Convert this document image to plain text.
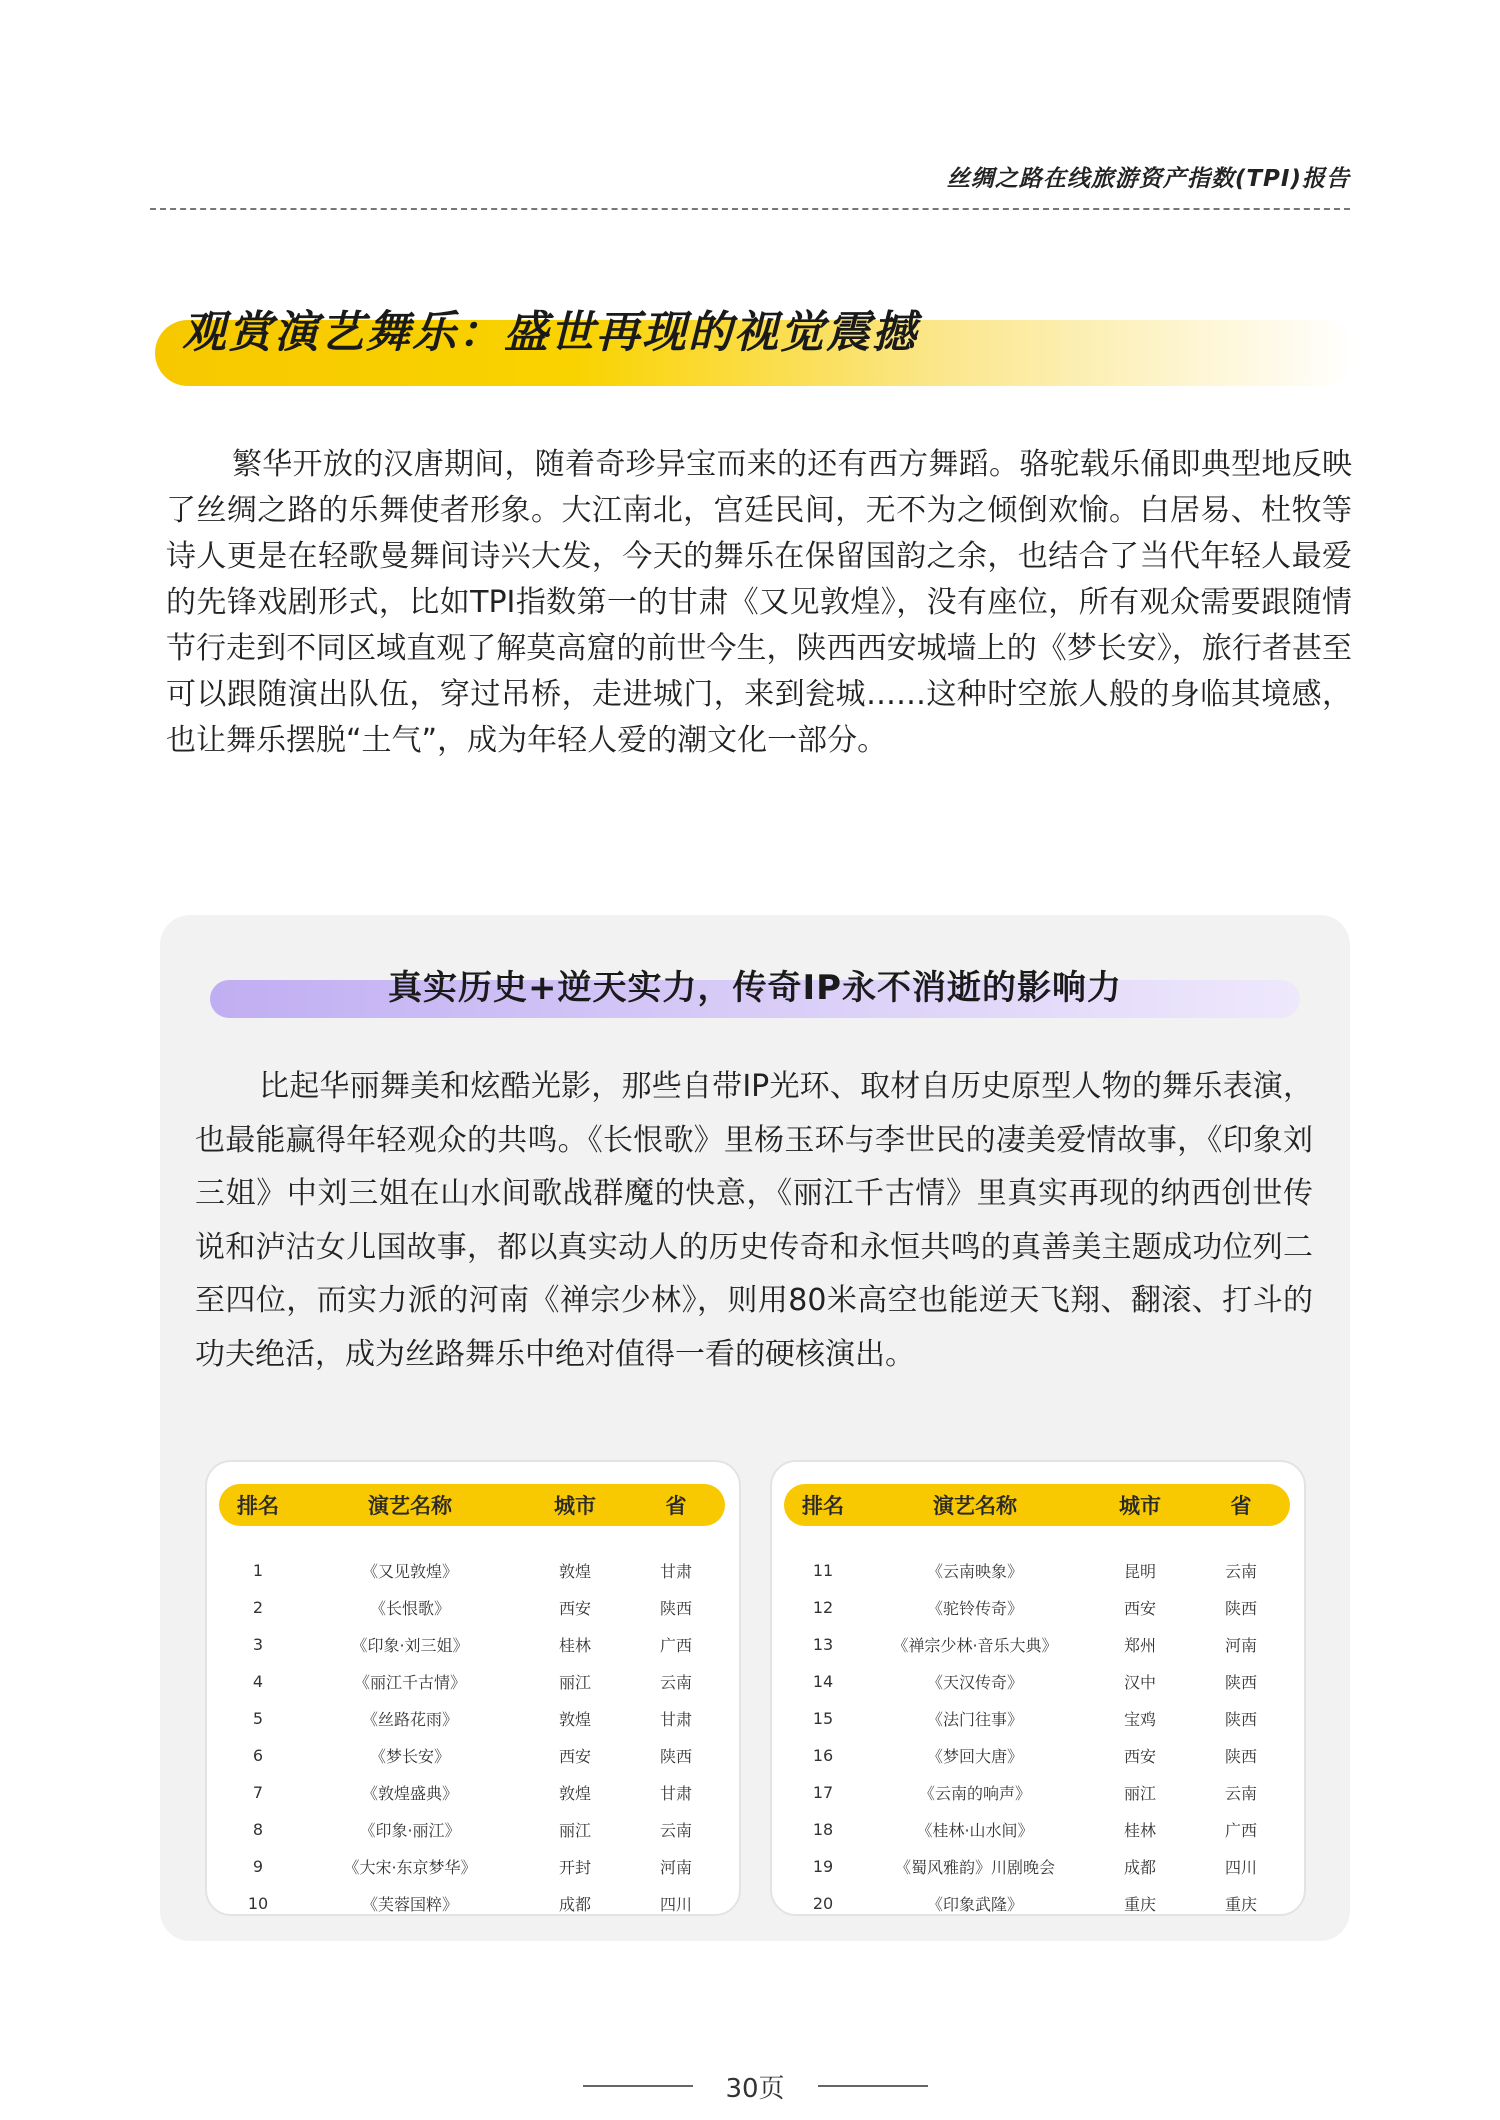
丝绸之路在线旅游资产指数(TPI)报告
观赏演艺舞乐：盛世再现的视觉震撼

繁华开放的汉唐期间，随着奇珍异宝而来的还有西方舞蹈。骆驼载乐俑即典型地反映了丝绸之路的乐舞使者形象。大江南北，宫廷民间，无不为之倾倒欢愉。白居易、杜牧等诗人更是在轻歌曼舞间诗兴大发，今天的舞乐在保留国韵之余，也结合了当代年轻人最爱的先锋戏剧形式，比如TPI指数第一的甘肃《又见敦煌》，没有座位，所有观众需要跟随情节行走到不同区域直观了解莫高窟的前世今生，陕西西安城墙上的《梦长安》，旅行者甚至可以跟随演出队伍，穿过吊桥，走进城门，来到瓮城……这种时空旅人般的身临其境感，也让舞乐摆脱“土气”，成为年轻人爱的潮文化一部分。

真实历史+逆天实力，传奇IP永不消逝的影响力

比起华丽舞美和炫酷光影，那些自带IP光环、取材自历史原型人物的舞乐表演，也最能赢得年轻观众的共鸣。《长恨歌》里杨玉环与李世民的凄美爱情故事，《印象刘三姐》中刘三姐在山水间歌战群魔的快意，《丽江千古情》里真实再现的纳西创世传说和泸沽女儿国故事，都以真实动人的历史传奇和永恒共鸣的真善美主题成功位列二至四位，而实力派的河南《禅宗少林》，则用80米高空也能逆天飞翔、翻滚、打斗的功夫绝活，成为丝路舞乐中绝对值得一看的硬核演出。

排名	演艺名称	城市	省
1	《又见敦煌》	敦煌	甘肃
2	《长恨歌》	西安	陕西
3	《印象·刘三姐》	桂林	广西
4	《丽江千古情》	丽江	云南
5	《丝路花雨》	敦煌	甘肃
6	《梦长安》	西安	陕西
7	《敦煌盛典》	敦煌	甘肃
8	《印象·丽江》	丽江	云南
9	《大宋·东京梦华》	开封	河南
10	《芙蓉国粹》	成都	四川
排名	演艺名称	城市	省
11	《云南映象》	昆明	云南
12	《驼铃传奇》	西安	陕西
13	《禅宗少林·音乐大典》	郑州	河南
14	《天汉传奇》	汉中	陕西
15	《法门往事》	宝鸡	陕西
16	《梦回大唐》	西安	陕西
17	《云南的响声》	丽江	云南
18	《桂林·山水间》	桂林	广西
19	《蜀风雅韵》川剧晚会	成都	四川
20	《印象武隆》	重庆	重庆
30页
